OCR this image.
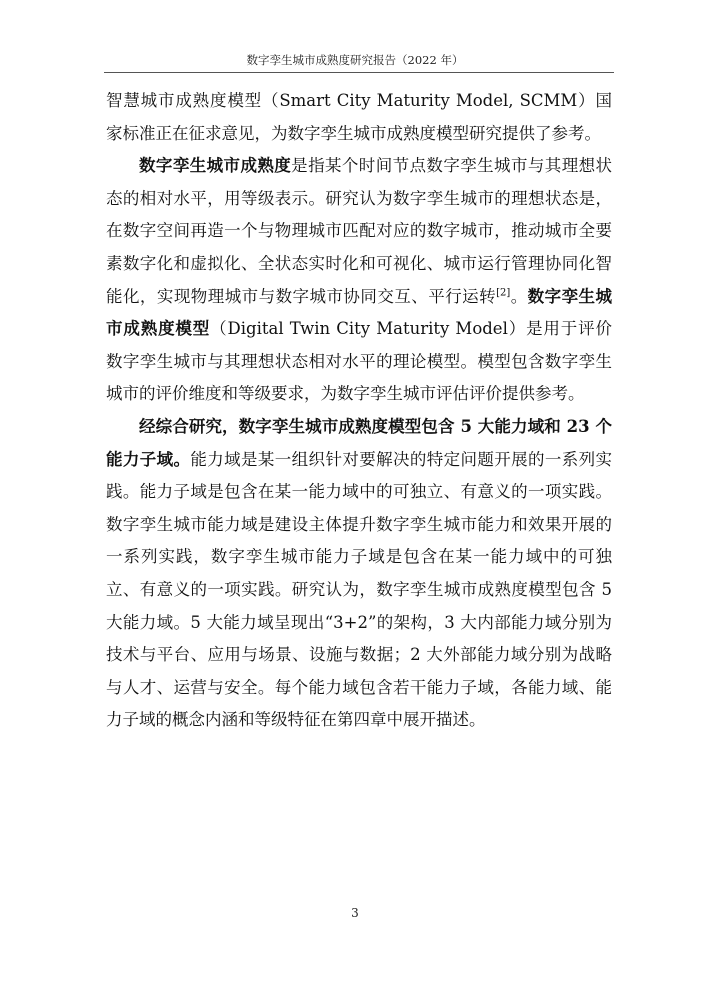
数字孪生城市成熟度研究报告（2022 年）

智慧城市成熟度模型（Smart City Maturity Model, SCMM）国家标准正在征求意见，为数字孪生城市成熟度模型研究提供了参考。

数字孪生城市成熟度是指某个时间节点数字孪生城市与其理想状态的相对水平，用等级表示。研究认为数字孪生城市的理想状态是，在数字空间再造一个与物理城市匹配对应的数字城市，推动城市全要素数字化和虚拟化、全状态实时化和可视化、城市运行管理协同化智能化，实现物理城市与数字城市协同交互、平行运转[2]。数字孪生城市成熟度模型（Digital Twin City Maturity Model）是用于评价数字孪生城市与其理想状态相对水平的理论模型。模型包含数字孪生城市的评价维度和等级要求，为数字孪生城市评估评价提供参考。

经综合研究，数字孪生城市成熟度模型包含 5 大能力域和 23 个能力子域。能力域是某一组织针对要解决的特定问题开展的一系列实践。能力子域是包含在某一能力域中的可独立、有意义的一项实践。数字孪生城市能力域是建设主体提升数字孪生城市能力和效果开展的一系列实践，数字孪生城市能力子域是包含在某一能力域中的可独立、有意义的一项实践。研究认为，数字孪生城市成熟度模型包含 5 大能力域。5 大能力域呈现出“3+2”的架构，3 大内部能力域分别为技术与平台、应用与场景、设施与数据；2 大外部能力域分别为战略与人才、运营与安全。每个能力域包含若干能力子域，各能力域、能力子域的概念内涵和等级特征在第四章中展开描述。

3
